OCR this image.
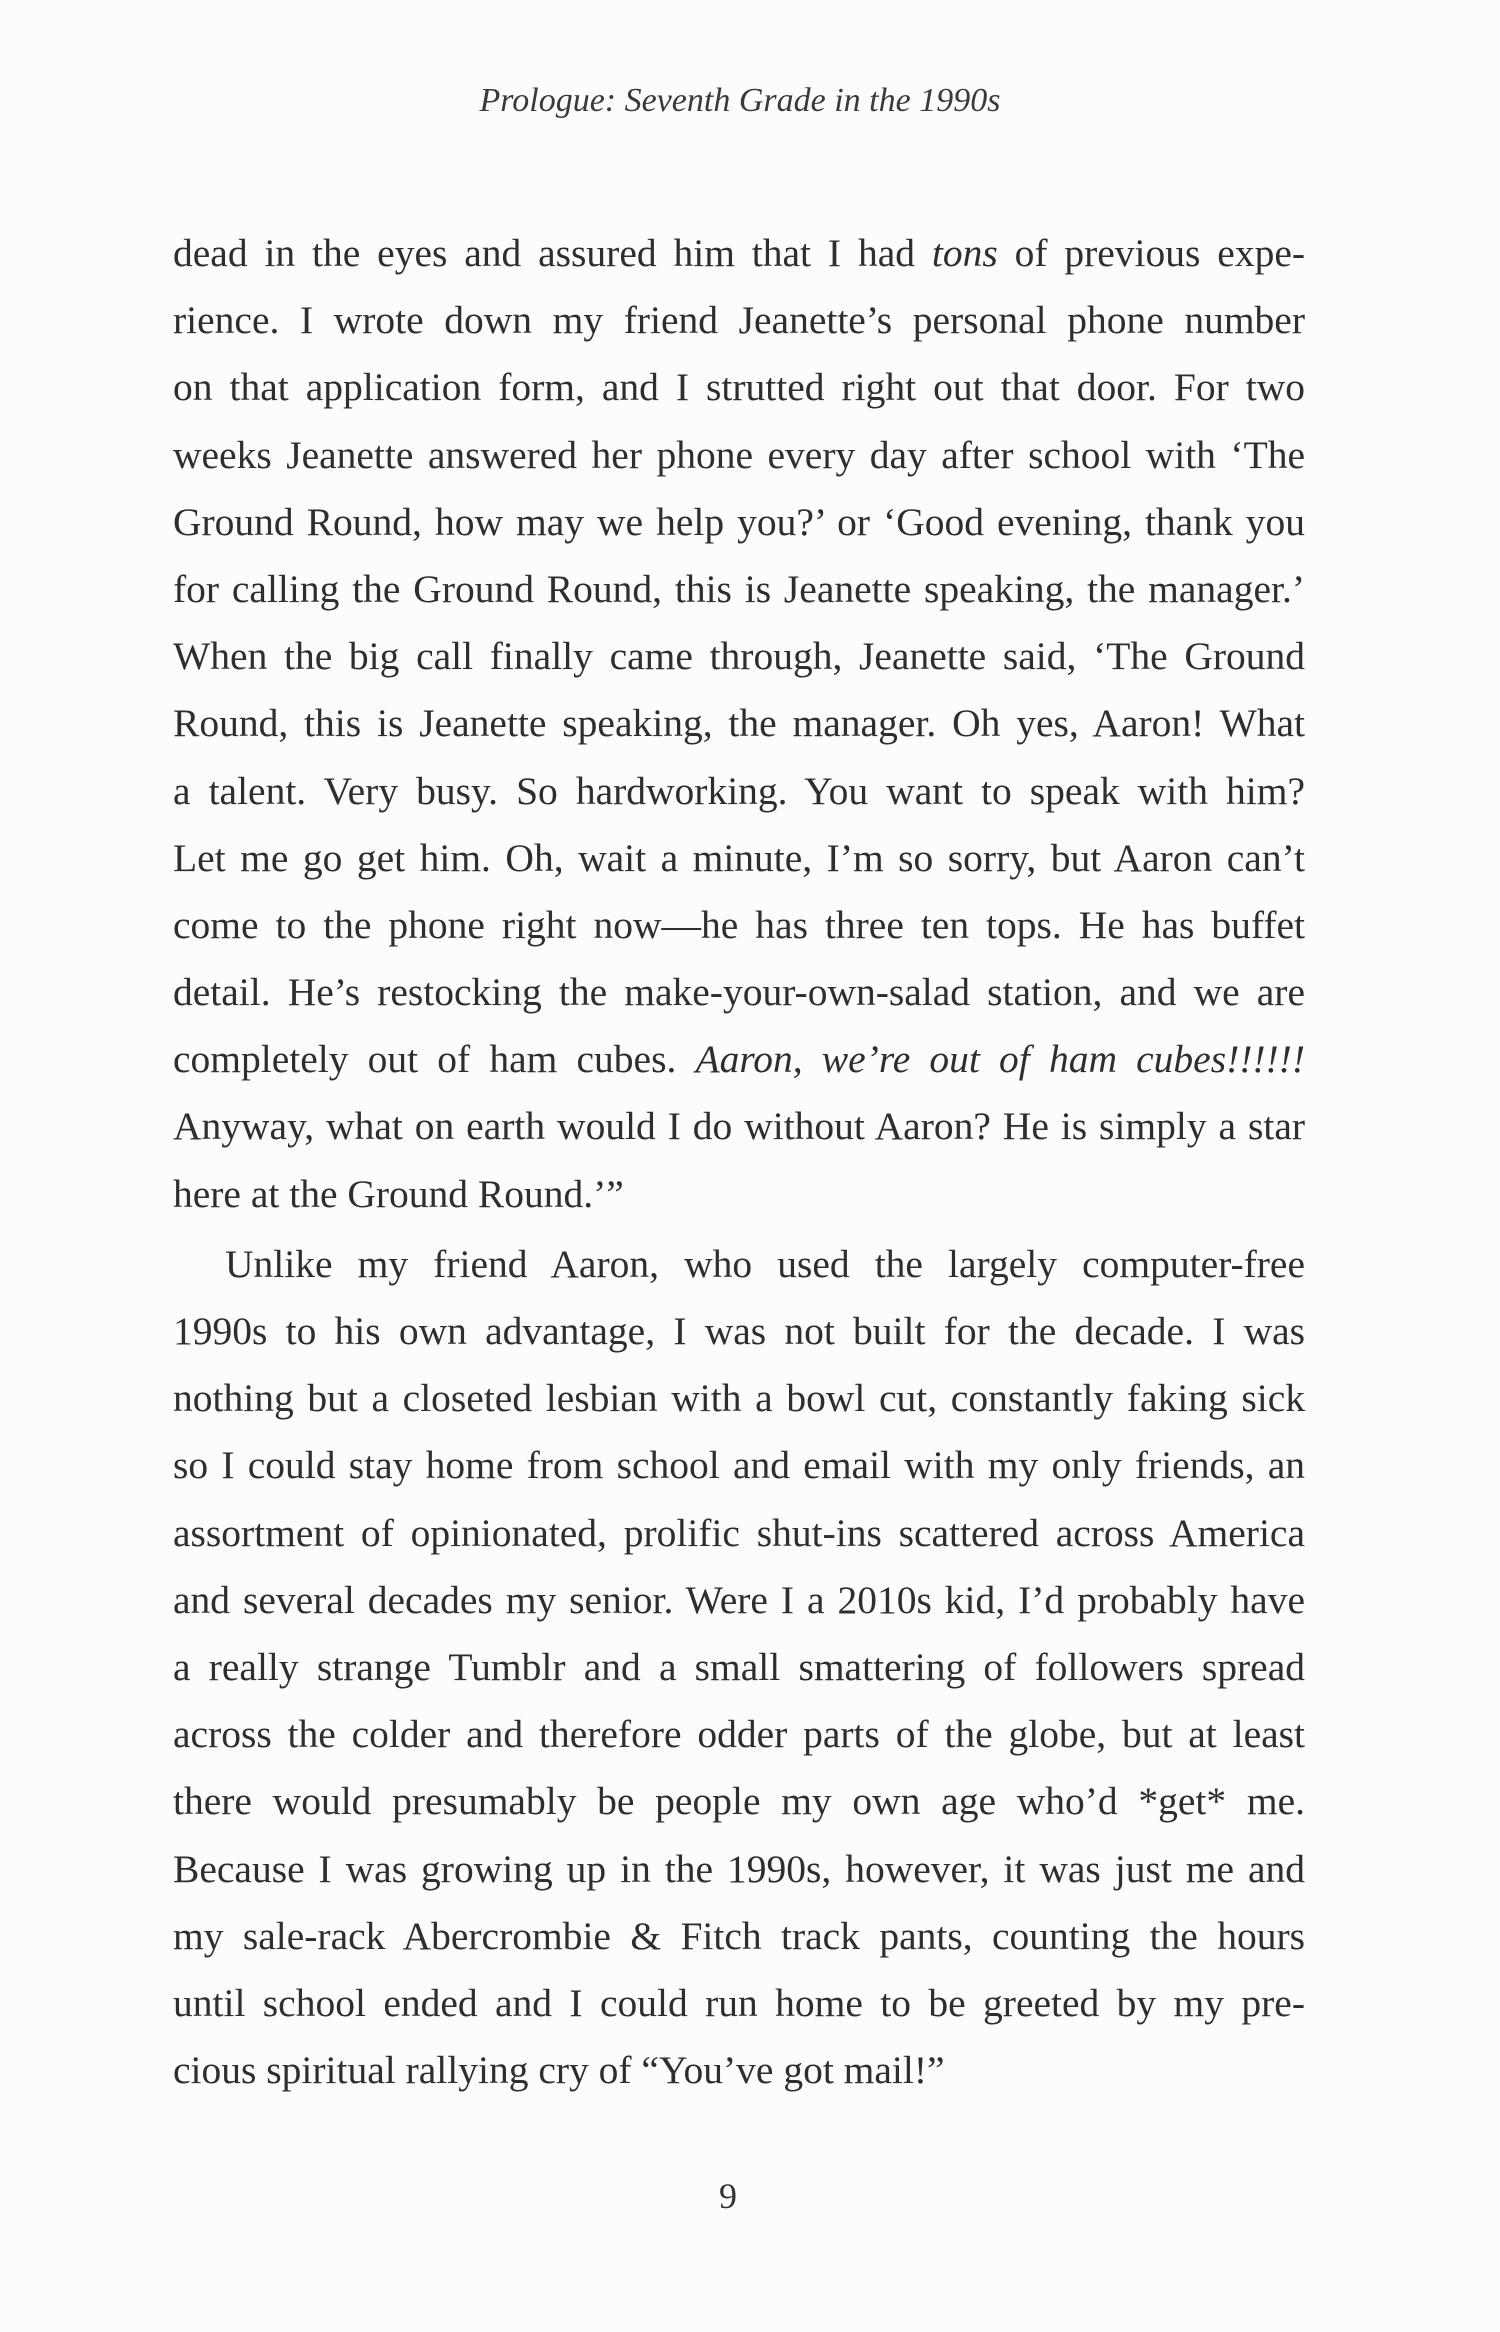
Prologue: Seventh Grade in the 1990s
dead in the eyes and assured him that I had tons of previous expe-
rience. I wrote down my friend Jeanette’s personal phone number
on that application form, and I strutted right out that door. For two
weeks Jeanette answered her phone every day after school with ‘The
Ground Round, how may we help you?’ or ‘Good evening, thank you
for calling the Ground Round, this is Jeanette speaking, the manager.’
When the big call finally came through, Jeanette said, ‘The Ground
Round, this is Jeanette speaking, the manager. Oh yes, Aaron! What
a talent. Very busy. So hardworking. You want to speak with him?
Let me go get him. Oh, wait a minute, I’m so sorry, but Aaron can’t
come to the phone right now—he has three ten tops. He has buffet
detail. He’s restocking the make-your-own-salad station, and we are
completely out of ham cubes. Aaron, we’re out of ham cubes!!!!!!
Anyway, what on earth would I do without Aaron? He is simply a star
here at the Ground Round.’”
Unlike my friend Aaron, who used the largely computer-free
1990s to his own advantage, I was not built for the decade. I was
nothing but a closeted lesbian with a bowl cut, constantly faking sick
so I could stay home from school and email with my only friends, an
assortment of opinionated, prolific shut-ins scattered across America
and several decades my senior. Were I a 2010s kid, I’d probably have
a really strange Tumblr and a small smattering of followers spread
across the colder and therefore odder parts of the globe, but at least
there would presumably be people my own age who’d *get* me.
Because I was growing up in the 1990s, however, it was just me and
my sale-rack Abercrombie & Fitch track pants, counting the hours
until school ended and I could run home to be greeted by my pre-
cious spiritual rallying cry of “You’ve got mail!”
9
